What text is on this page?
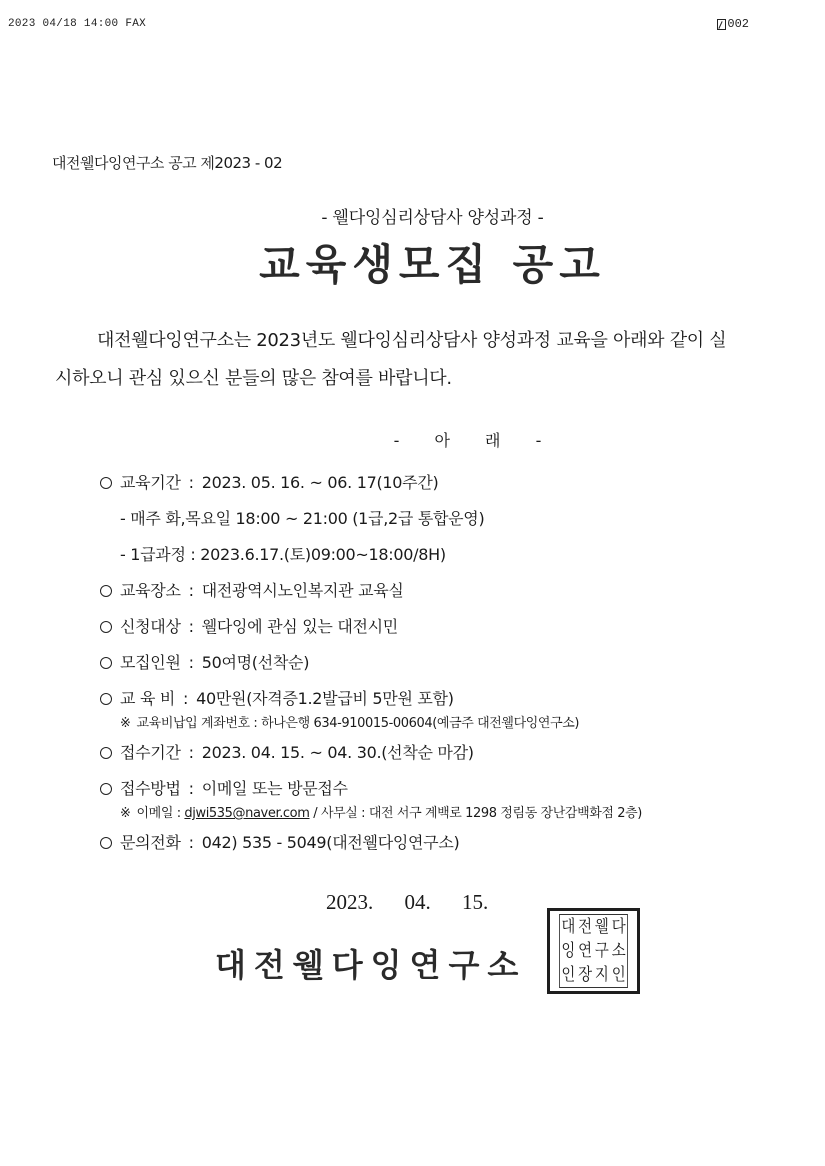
2023 04/18 14:00 FAX	002
대전웰다잉연구소 공고 제2023 - 02
- 웰다잉심리상담사 양성과정 -
교육생모집 공고
대전웰다잉연구소는 2023년도 웰다잉심리상담사 양성과정 교육을 아래와 같이 실시하오니 관심 있으신 분들의 많은 참여를 바랍니다.
- 아 래 -
교육기간 : 2023. 05. 16. ~ 06. 17(10주간)
- 매주 화,목요일 18:00 ~ 21:00 (1급,2급 통합운영)
- 1급과정 : 2023.6.17.(토)09:00~18:00/8H)
교육장소 : 대전광역시노인복지관 교육실
신청대상 : 웰다잉에 관심 있는 대전시민
모집인원 : 50여명(선착순)
교 육 비 : 40만원(자격증1.2발급비 5만원 포함)
※ 교육비납입 계좌번호 : 하나은행 634-910015-00604(예금주 대전웰다잉연구소)
접수기간 : 2023. 04. 15. ~ 04. 30.(선착순 마감)
접수방법 : 이메일 또는 방문접수
※ 이메일 :
djwi535@naver.com
/ 사무실 : 대전 서구 계백로 1298 정림동 장난감백화점 2층)
문의전화 : 042) 535 - 5049(대전웰다잉연구소)
2023. 04. 15.
대전웰다잉연구소
대 전 웰 다
잉 연 구 소
인 장 지 인
